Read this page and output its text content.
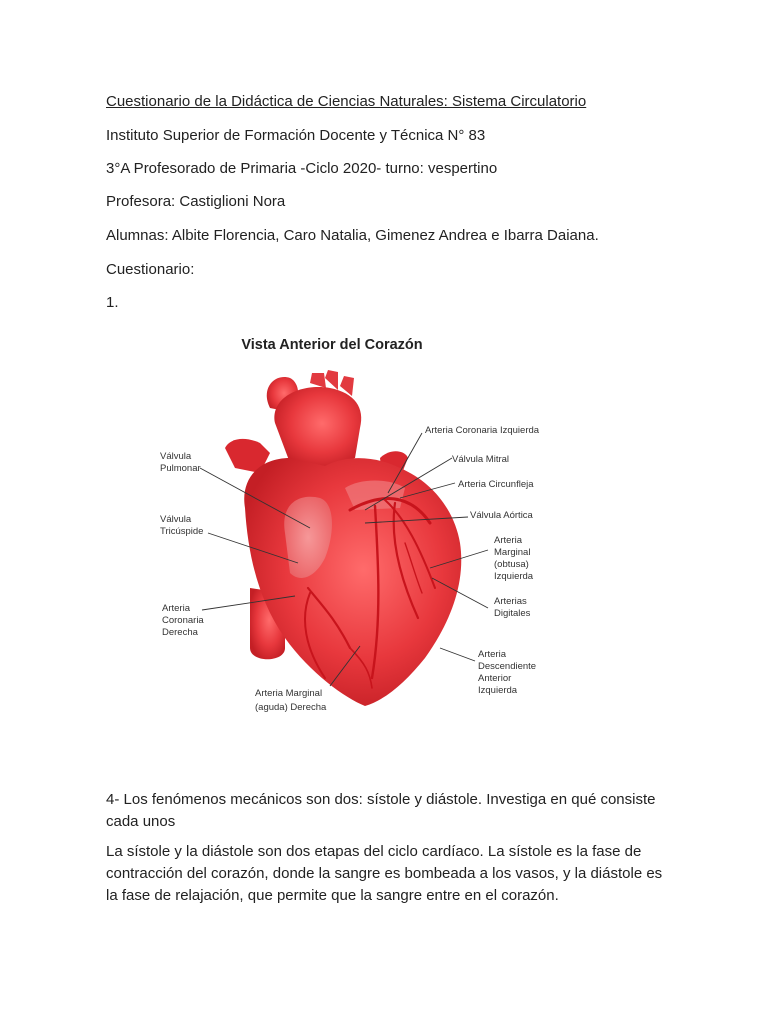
Cuestionario de la Didáctica de Ciencias Naturales: Sistema Circulatorio
Instituto Superior de Formación Docente y Técnica N° 83
3°A Profesorado de Primaria -Ciclo 2020- turno: vespertino
Profesora: Castiglioni Nora
Alumnas: Albite Florencia, Caro Natalia, Gimenez Andrea e Ibarra Daiana.
Cuestionario:
1.
Vista Anterior del Corazón
Válvula Pulmonar
Válvula Tricúspide
Arteria Coronaria Derecha
Arteria Marginal (aguda) Derecha
Arteria Coronaria Izquierda
Válvula Mitral
Arteria Circunfleja
Válvula Aórtica
Arteria Marginal (obtusa) Izquierda
Arterias Digitales
Arteria Descendiente Anterior Izquierda
4- Los fenómenos mecánicos son dos: sístole y diástole. Investiga en qué consiste cada unos
La sístole y la diástole son dos etapas del ciclo cardíaco. La sístole es la fase de contracción del corazón, donde la sangre es bombeada a los vasos, y la diástole es la fase de relajación, que permite que la sangre entre en el corazón.
